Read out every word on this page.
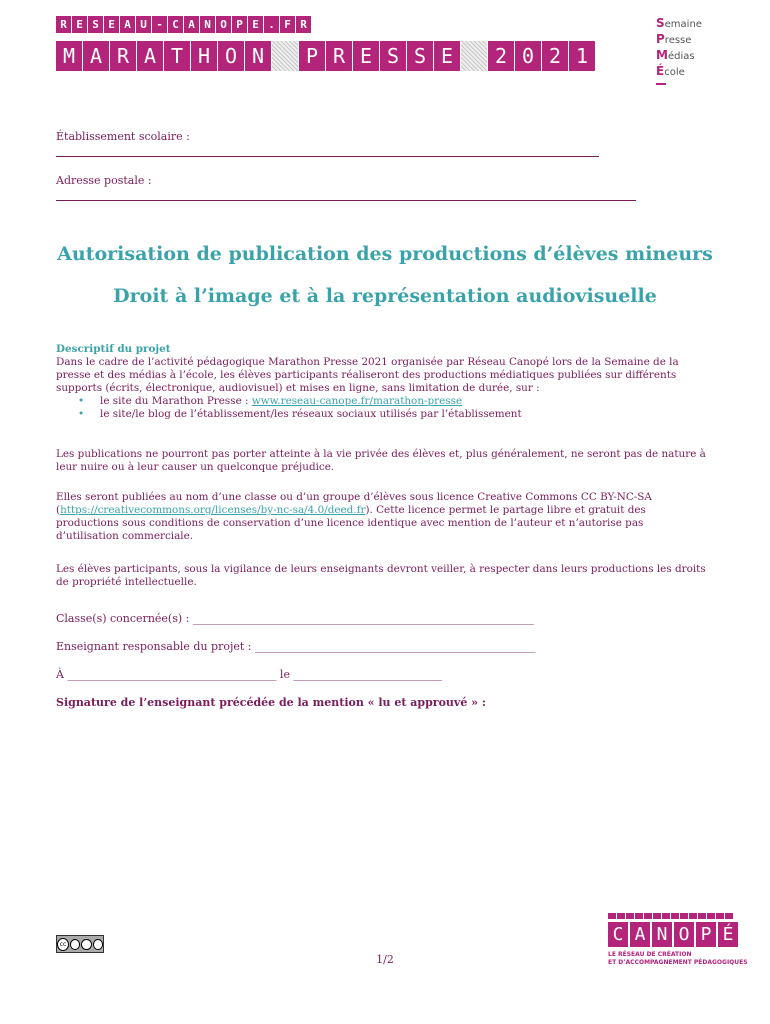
R E S E A U - C A N O P E . F R
M A R A T H O N	P R E S S E	2 0 2 1
Semaine
Presse
Médias
École
Établissement scolaire :
Adresse postale :
Autorisation de publication des productions d’élèves mineurs
Droit à l’image et à la représentation audiovisuelle
Descriptif du projet
Dans le cadre de l’activité pédagogique Marathon Presse 2021 organisée par Réseau Canopé lors de la Semaine de la presse et des médias à l’école, les élèves participants réaliseront des productions médiatiques publiées sur différents supports (écrits, électronique, audiovisuel) et mises en ligne, sans limitation de durée, sur :
• le site du Marathon Presse : www.reseau-canope.fr/marathon-presse
• le site/le blog de l’établissement/les réseaux sociaux utilisés par l’établissement
Les publications ne pourront pas porter atteinte à la vie privée des élèves et, plus généralement, ne seront pas de nature à leur nuire ou à leur causer un quelconque préjudice.
Elles seront publiées au nom d’une classe ou d’un groupe d’élèves sous licence Creative Commons CC BY-NC-SA (https://creativecommons.org/licenses/by-nc-sa/4.0/deed.fr). Cette licence permet le partage libre et gratuit des productions sous conditions de conservation d’une licence identique avec mention de l’auteur et n’autorise pas d’utilisation commerciale.
Les élèves participants, sous la vigilance de leurs enseignants devront veiller, à respecter dans leurs productions les droits de propriété intellectuelle.
Classe(s) concernée(s) : ______________________________________________________________
Enseignant responsable du projet : ___________________________________________________
À ______________________________________ le ___________________________
Signature de l’enseignant précédée de la mention « lu et approuvé » :
cc
1/2
C A N O P É
LE RÉSEAU DE CRÉATION
ET D’ACCOMPAGNEMENT PÉDAGOGIQUES
